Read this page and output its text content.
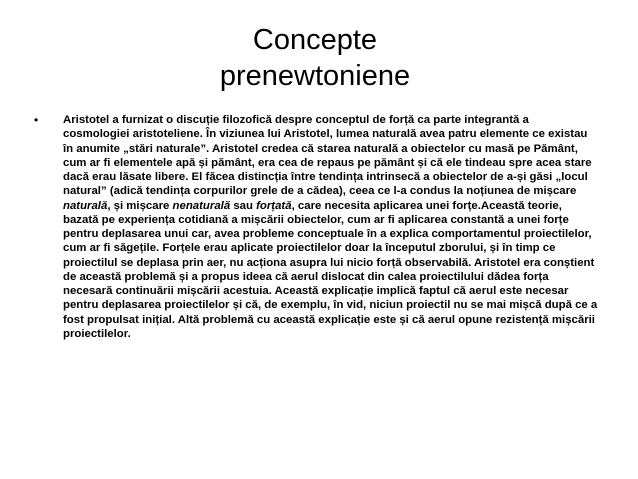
Concepte
prenewtoniene
• Aristotel a furnizat o discuție filozofică despre conceptul de forță ca parte integrantă a cosmologiei aristoteliene. În viziunea lui Aristotel, lumea naturală avea patru elemente ce existau în anumite „stări naturale”. Aristotel credea că starea naturală a obiectelor cu masă pe Pământ, cum ar fi elementele apă și pământ, era cea de repaus pe pământ și că ele tindeau spre acea stare dacă erau lăsate libere. El făcea distincția între tendința intrinsecă a obiectelor de a-și găsi „locul natural” (adică tendința corpurilor grele de a cădea), ceea ce l-a condus la noțiunea de mișcare naturală, și mișcare nenaturală sau forțată, care necesita aplicarea unei forțe.Această teorie, bazată pe experiența cotidiană a mișcării obiectelor, cum ar fi aplicarea constantă a unei forțe pentru deplasarea unui car, avea probleme conceptuale în a explica comportamentul proiectilelor, cum ar fi săgețile. Forțele erau aplicate proiectilelor doar la începutul zborului, și în timp ce proiectilul se deplasa prin aer, nu acționa asupra lui nicio forță observabilă. Aristotel era conștient de această problemă și a propus ideea că aerul dislocat din calea proiectilului dădea forța necesară continuării mișcării acestuia. Această explicație implică faptul că aerul este necesar pentru deplasarea proiectilelor și că, de exemplu, în vid, niciun proiectil nu se mai mișcă după ce a fost propulsat inițial. Altă problemă cu această explicație este și că aerul opune rezistență mișcării proiectilelor.
